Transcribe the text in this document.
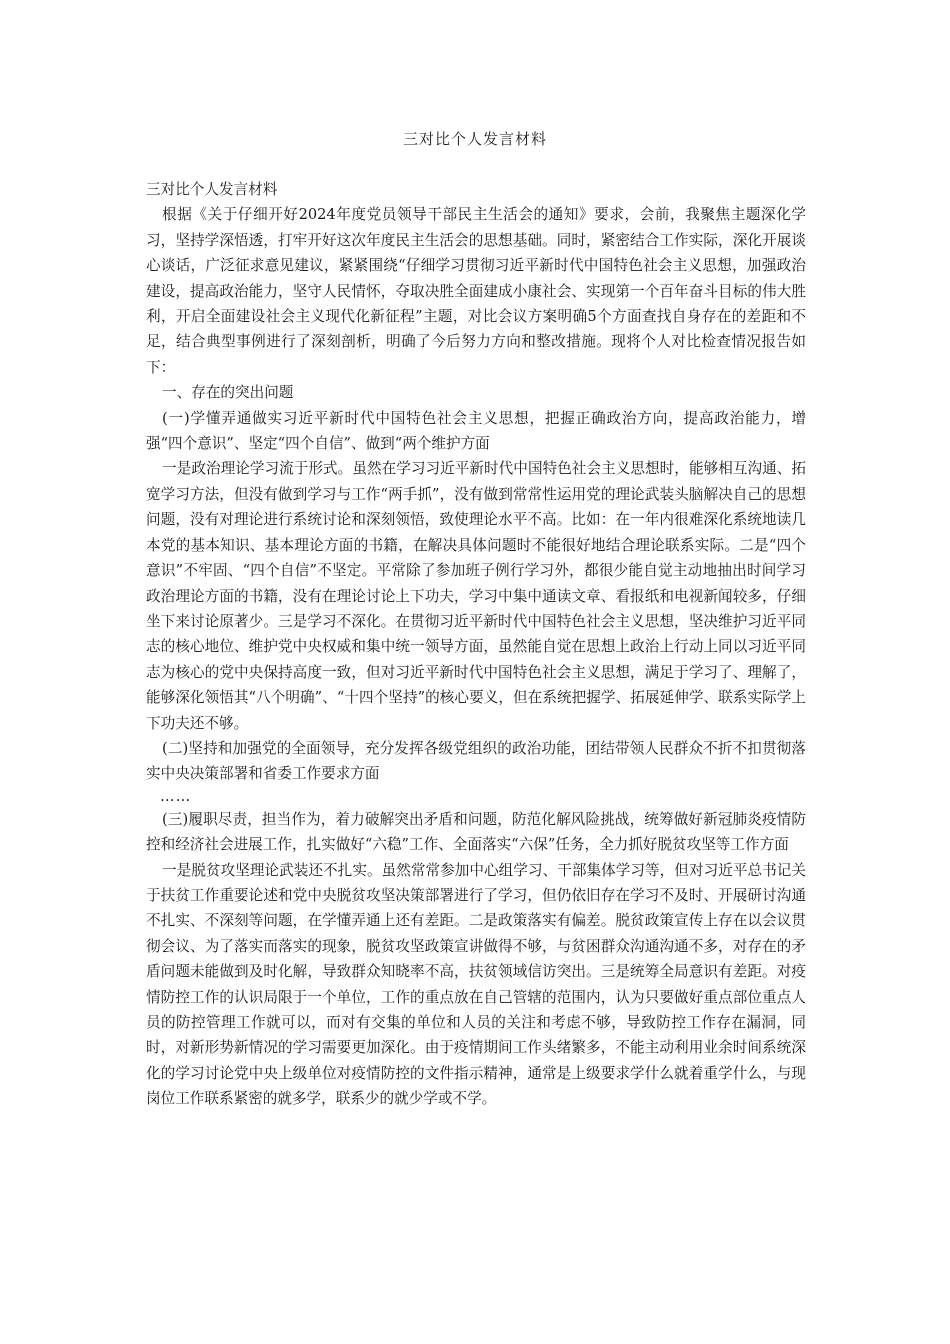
三对比个人发言材料

三对比个人发言材料

根据《关于仔细开好2024年度党员领导干部民主生活会的通知》要求，会前，我聚焦主题深化学习，坚持学深悟透，打牢开好这次年度民主生活会的思想基础。同时，紧密结合工作实际，深化开展谈心谈话，广泛征求意见建议，紧紧围绕“仔细学习贯彻习近平新时代中国特色社会主义思想，加强政治建设，提高政治能力，坚守人民情怀，夺取决胜全面建成小康社会、实现第一个百年奋斗目标的伟大胜利，开启全面建设社会主义现代化新征程”主题，对比会议方案明确5个方面查找自身存在的差距和不足，结合典型事例进行了深刻剖析，明确了今后努力方向和整改措施。现将个人对比检查情况报告如下：

一、存在的突出问题

(一)学懂弄通做实习近平新时代中国特色社会主义思想，把握正确政治方向，提高政治能力，增强“四个意识”、坚定“四个自信”、做到“两个维护方面

一是政治理论学习流于形式。虽然在学习习近平新时代中国特色社会主义思想时，能够相互沟通、拓宽学习方法，但没有做到学习与工作“两手抓”，没有做到常常性运用党的理论武装头脑解决自己的思想问题，没有对理论进行系统讨论和深刻领悟，致使理论水平不高。比如：在一年内很难深化系统地读几本党的基本知识、基本理论方面的书籍，在解决具体问题时不能很好地结合理论联系实际。二是“四个意识”不牢固、“四个自信”不坚定。平常除了参加班子例行学习外，都很少能自觉主动地抽出时间学习政治理论方面的书籍，没有在理论讨论上下功夫，学习中集中通读文章、看报纸和电视新闻较多，仔细坐下来讨论原著少。三是学习不深化。在贯彻习近平新时代中国特色社会主义思想，坚决维护习近平同志的核心地位、维护党中央权威和集中统一领导方面，虽然能自觉在思想上政治上行动上同以习近平同志为核心的党中央保持高度一致，但对习近平新时代中国特色社会主义思想，满足于学习了、理解了，能够深化领悟其“八个明确”、“十四个坚持”的核心要义，但在系统把握学、拓展延伸学、联系实际学上下功夫还不够。

(二)坚持和加强党的全面领导，充分发挥各级党组织的政治功能，团结带领人民群众不折不扣贯彻落实中央决策部署和省委工作要求方面

……

(三)履职尽责，担当作为，着力破解突出矛盾和问题，防范化解风险挑战，统筹做好新冠肺炎疫情防控和经济社会进展工作，扎实做好“六稳”工作、全面落实“六保”任务，全力抓好脱贫攻坚等工作方面

一是脱贫攻坚理论武装还不扎实。虽然常常参加中心组学习、干部集体学习等，但对习近平总书记关于扶贫工作重要论述和党中央脱贫攻坚决策部署进行了学习，但仍依旧存在学习不及时、开展研讨沟通不扎实、不深刻等问题，在学懂弄通上还有差距。二是政策落实有偏差。脱贫政策宣传上存在以会议贯彻会议、为了落实而落实的现象，脱贫攻坚政策宣讲做得不够，与贫困群众沟通沟通不多，对存在的矛盾问题未能做到及时化解，导致群众知晓率不高，扶贫领域信访突出。三是统筹全局意识有差距。对疫情防控工作的认识局限于一个单位，工作的重点放在自己管辖的范围内，认为只要做好重点部位重点人员的防控管理工作就可以，而对有交集的单位和人员的关注和考虑不够，导致防控工作存在漏洞，同时，对新形势新情况的学习需要更加深化。由于疫情期间工作头绪繁多，不能主动利用业余时间系统深化的学习讨论党中央上级单位对疫情防控的文件指示精神，通常是上级要求学什么就着重学什么，与现岗位工作联系紧密的就多学，联系少的就少学或不学。
